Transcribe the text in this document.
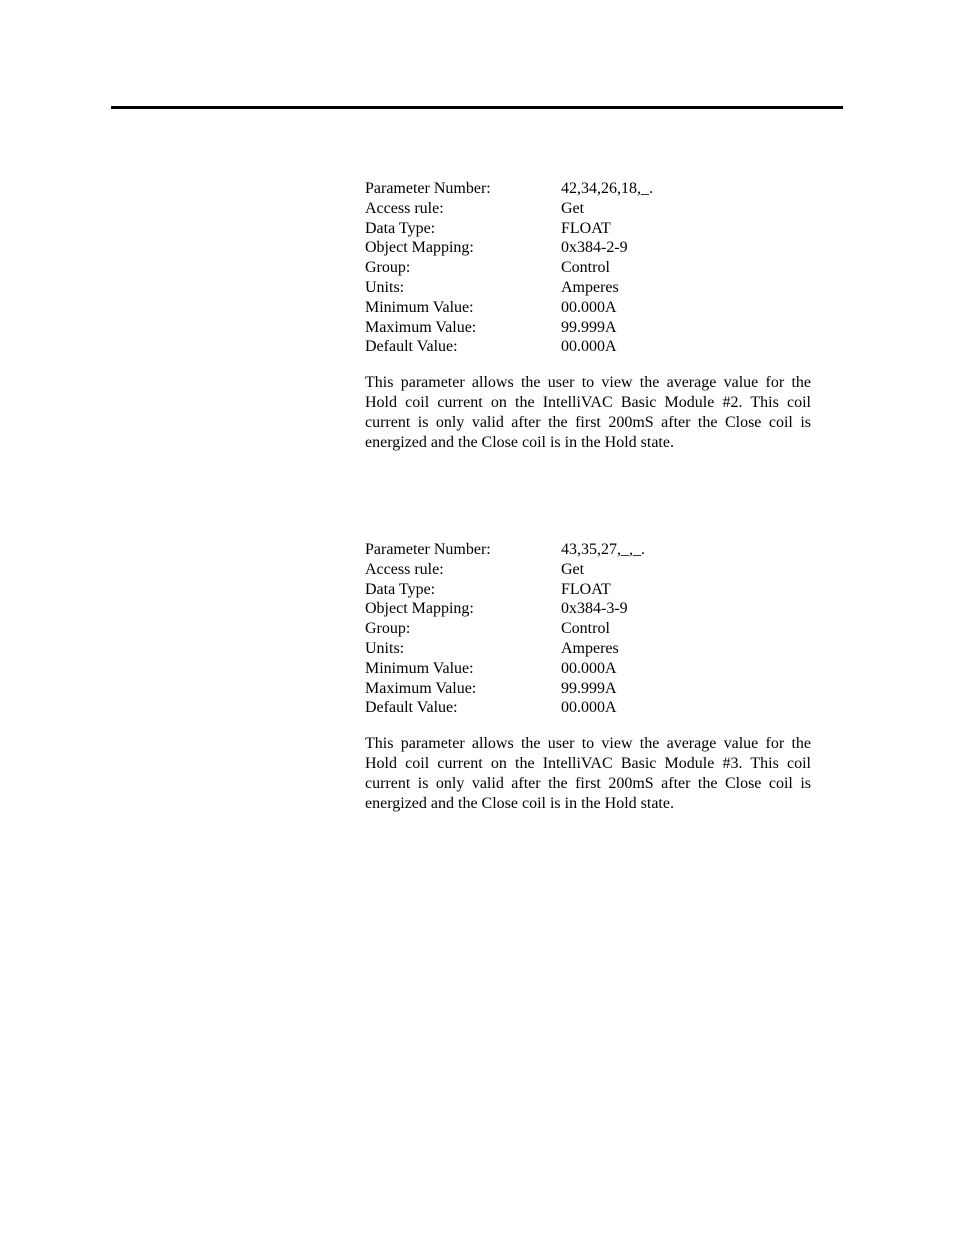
Parameter Number:	42,34,26,18,_.
Access rule:	Get
Data Type:	FLOAT
Object Mapping:	0x384-2-9
Group:	Control
Units:	Amperes
Minimum Value:	00.000A
Maximum Value:	99.999A
Default Value:	00.000A
This parameter allows the user to view the average value for the
Hold coil current on the IntelliVAC Basic Module #2. This coil
current is only valid after the first 200mS after the Close coil is
energized and the Close coil is in the Hold state.
Parameter Number:	43,35,27,_,_.
Access rule:	Get
Data Type:	FLOAT
Object Mapping:	0x384-3-9
Group:	Control
Units:	Amperes
Minimum Value:	00.000A
Maximum Value:	99.999A
Default Value:	00.000A
This parameter allows the user to view the average value for the
Hold coil current on the IntelliVAC Basic Module #3. This coil
current is only valid after the first 200mS after the Close coil is
energized and the Close coil is in the Hold state.
